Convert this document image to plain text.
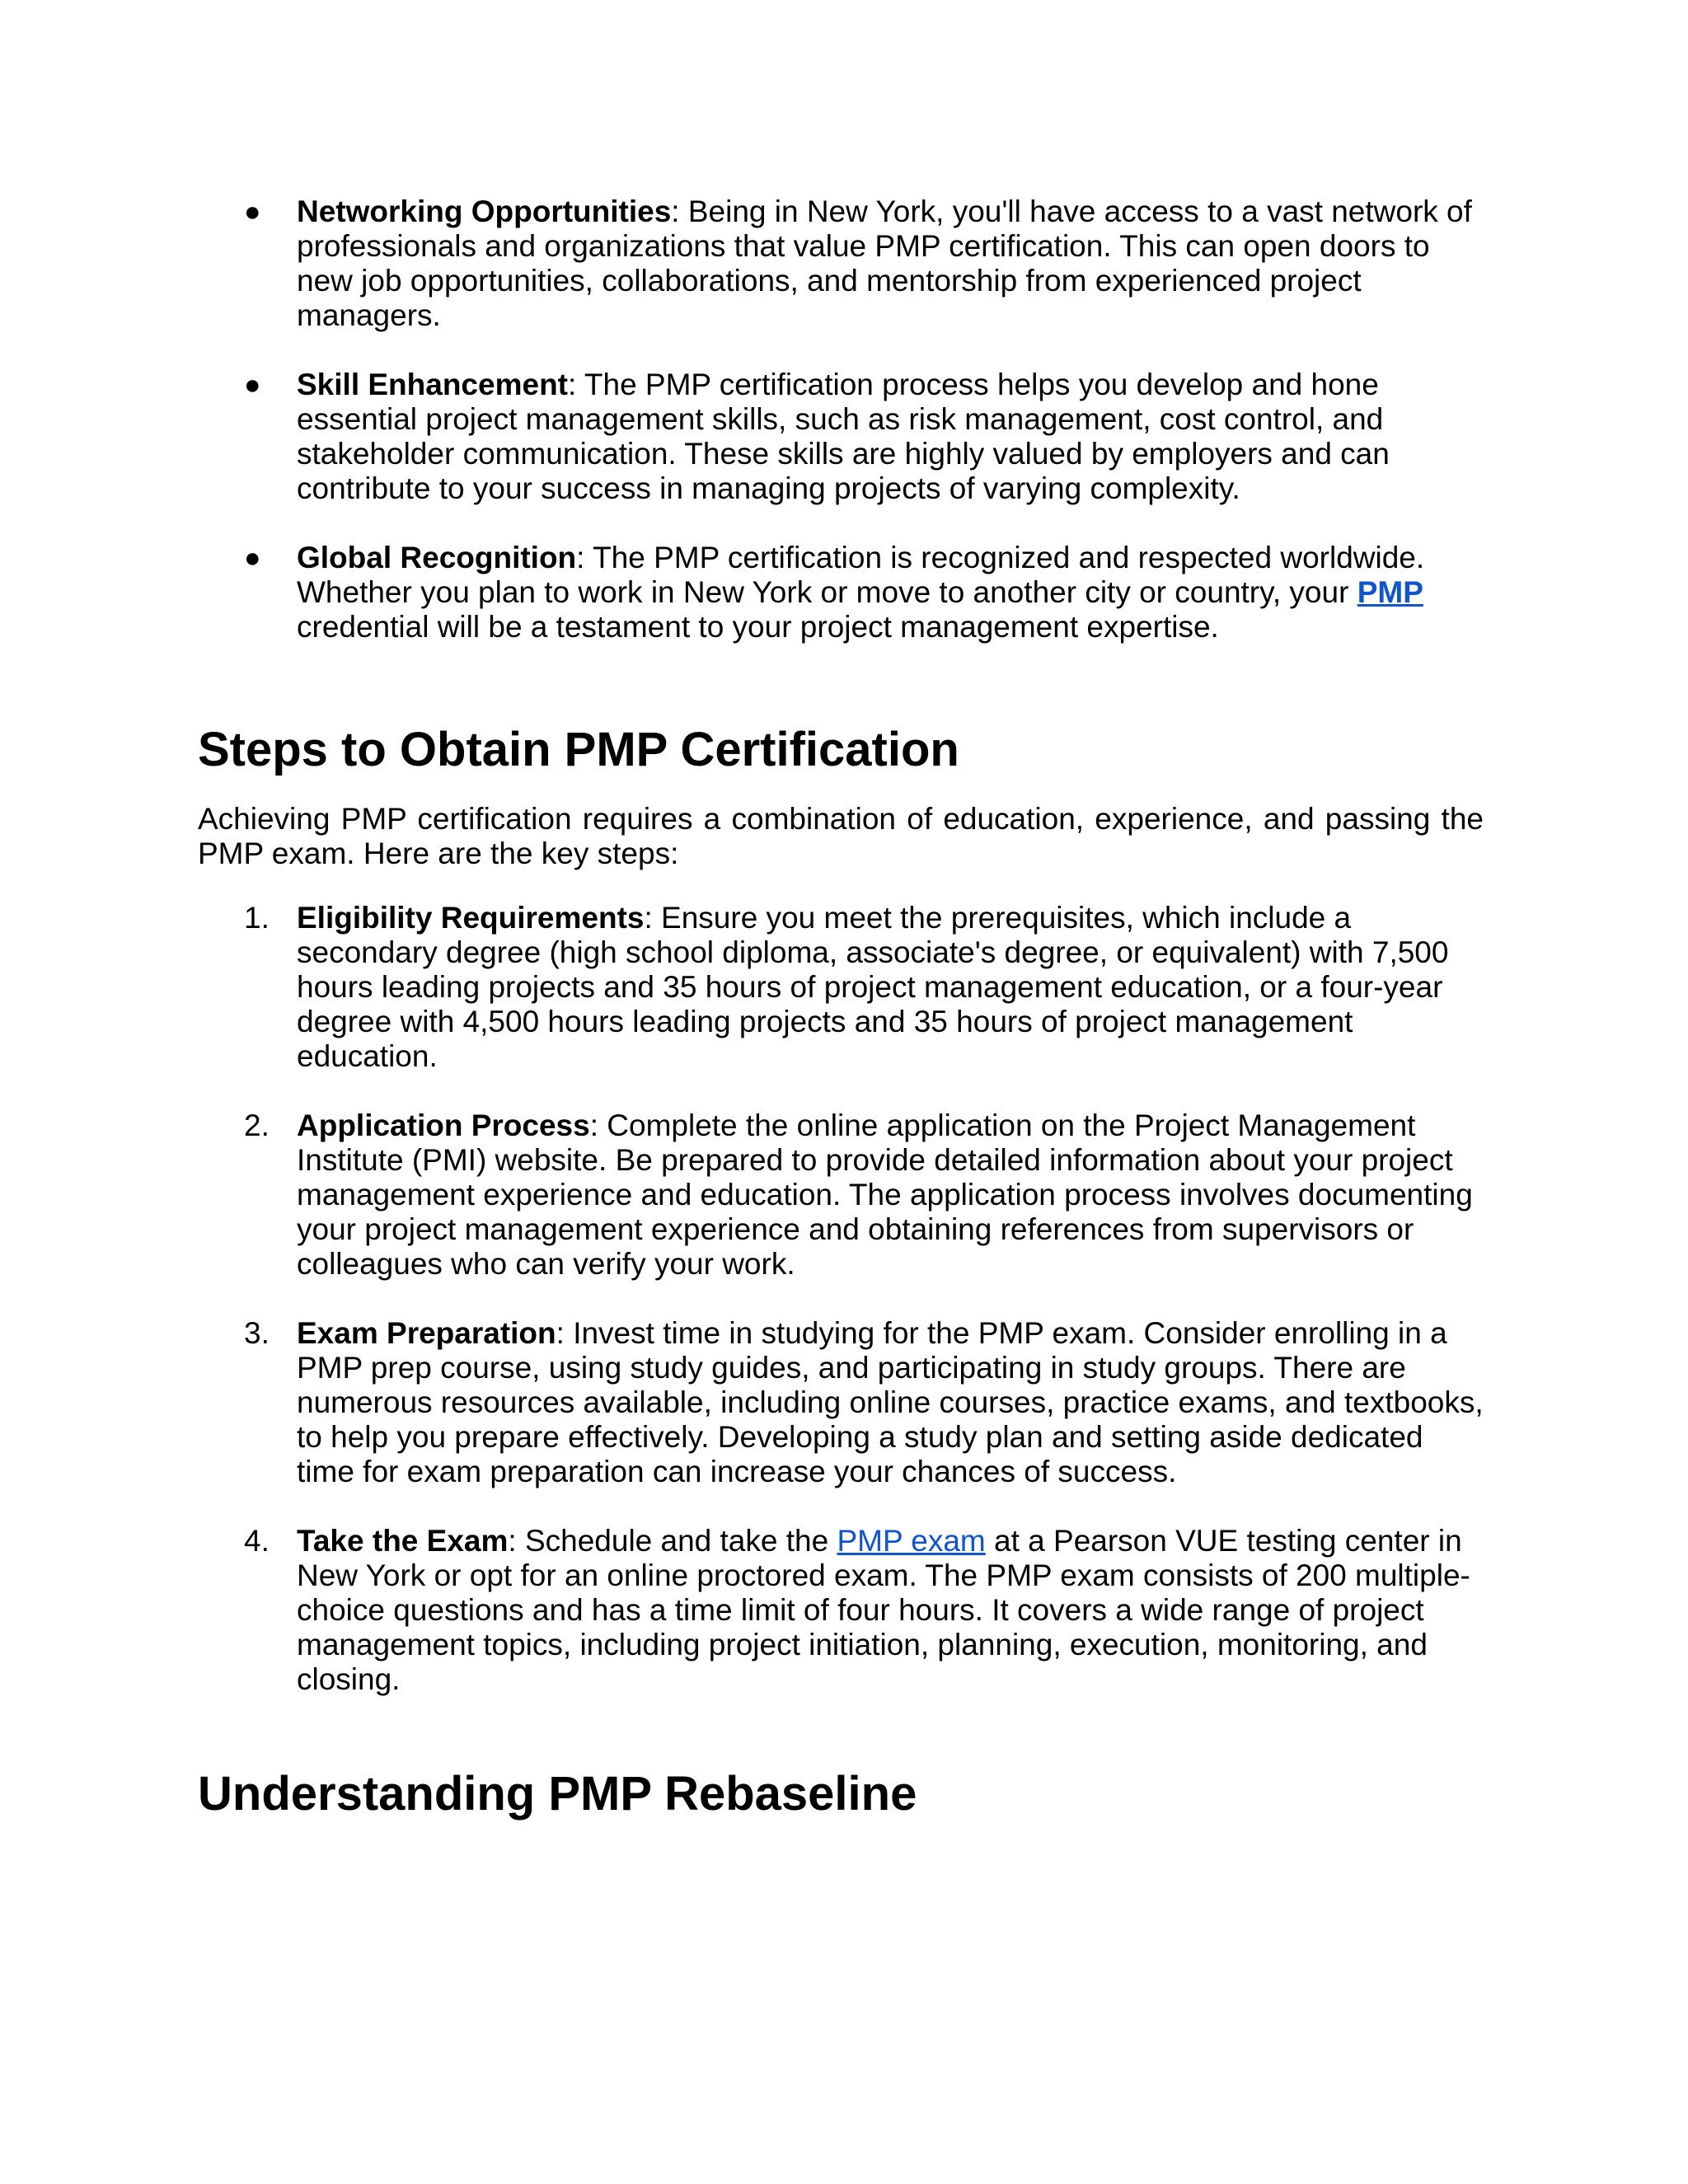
●	Networking Opportunities: Being in New York, you'll have access to a vast network of professionals and organizations that value PMP certification. This can open doors to new job opportunities, collaborations, and mentorship from experienced project managers.
●	Skill Enhancement: The PMP certification process helps you develop and hone essential project management skills, such as risk management, cost control, and stakeholder communication. These skills are highly valued by employers and can contribute to your success in managing projects of varying complexity.
●	Global Recognition: The PMP certification is recognized and respected worldwide. Whether you plan to work in New York or move to another city or country, your PMP credential will be a testament to your project management expertise.
Steps to Obtain PMP Certification

Achieving PMP certification requires a combination of education, experience, and passing the PMP exam. Here are the key steps:

1. Eligibility Requirements: Ensure you meet the prerequisites, which include a secondary degree (high school diploma, associate's degree, or equivalent) with 7,500 hours leading projects and 35 hours of project management education, or a four-year degree with 4,500 hours leading projects and 35 hours of project management education.
2. Application Process: Complete the online application on the Project Management Institute (PMI) website. Be prepared to provide detailed information about your project management experience and education. The application process involves documenting your project management experience and obtaining references from supervisors or colleagues who can verify your work.
3. Exam Preparation: Invest time in studying for the PMP exam. Consider enrolling in a PMP prep course, using study guides, and participating in study groups. There are numerous resources available, including online courses, practice exams, and textbooks, to help you prepare effectively. Developing a study plan and setting aside dedicated time for exam preparation can increase your chances of success.
4. Take the Exam: Schedule and take the PMP exam at a Pearson VUE testing center in New York or opt for an online proctored exam. The PMP exam consists of 200 multiple-choice questions and has a time limit of four hours. It covers a wide range of project management topics, including project initiation, planning, execution, monitoring, and closing.
Understanding PMP Rebaseline
